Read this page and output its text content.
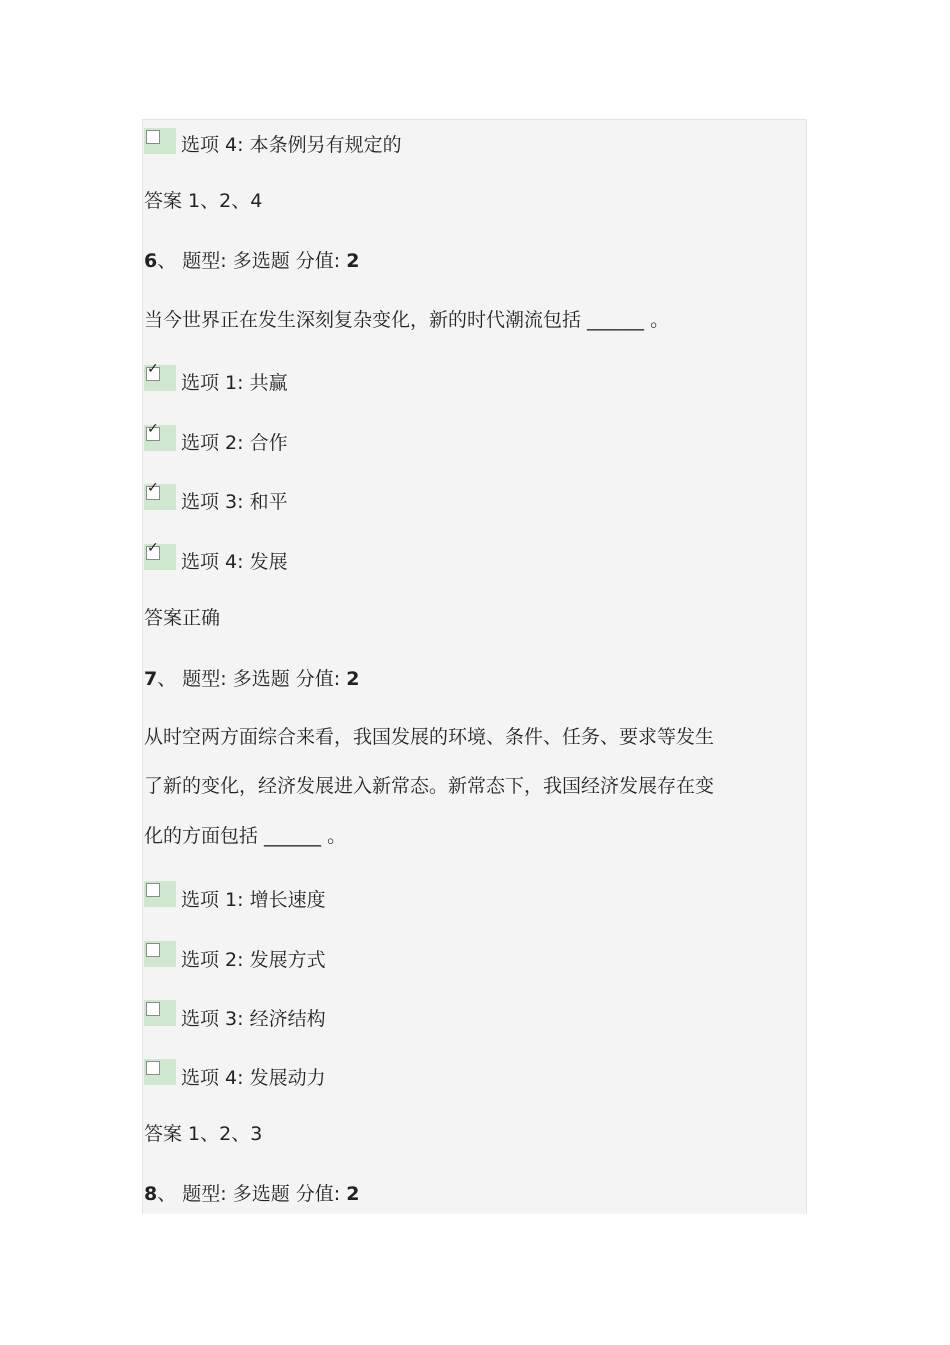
选项 4: 本条例另有规定的
答案 1、2、4
6、 题型: 多选题 分值: 2
当今世界正在发生深刻复杂变化，新的时代潮流包括 ______ 。
✓
选项 1: 共赢
✓
选项 2: 合作
✓
选项 3: 和平
✓
选项 4: 发展
答案正确
7、 题型: 多选题 分值: 2
从时空两方面综合来看，我国发展的环境、条件、任务、要求等发生
了新的变化，经济发展进入新常态。新常态下，我国经济发展存在变
化的方面包括 ______ 。
选项 1: 增长速度
选项 2: 发展方式
选项 3: 经济结构
选项 4: 发展动力
答案 1、2、3
8、 题型: 多选题 分值: 2
